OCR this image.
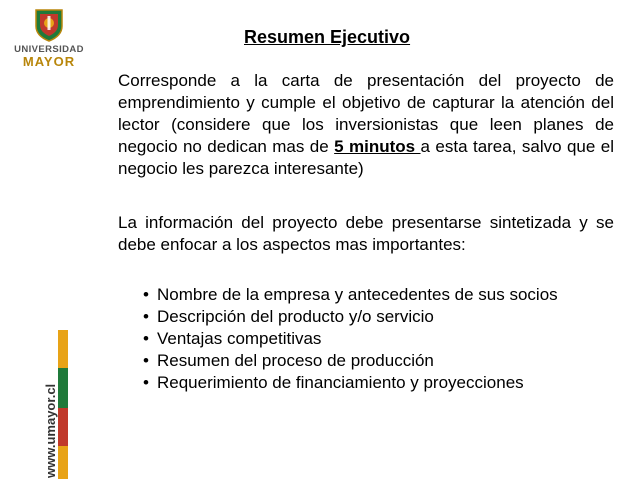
UNIVERSIDAD
MAYOR
www.umayor.cl
Resumen Ejecutivo

Corresponde a la carta de presentación del proyecto de emprendimiento y cumple el objetivo de capturar la atención del lector (considere que los inversionistas que leen planes de negocio no dedican mas de 5 minutos a esta tarea, salvo que el negocio les parezca interesante)

La información del proyecto debe presentarse sintetizada y se debe enfocar a los aspectos mas importantes:

• Nombre de la empresa y antecedentes de sus socios
• Descripción del producto y/o servicio
• Ventajas competitivas
• Resumen del proceso de producción
• Requerimiento de financiamiento y proyecciones
